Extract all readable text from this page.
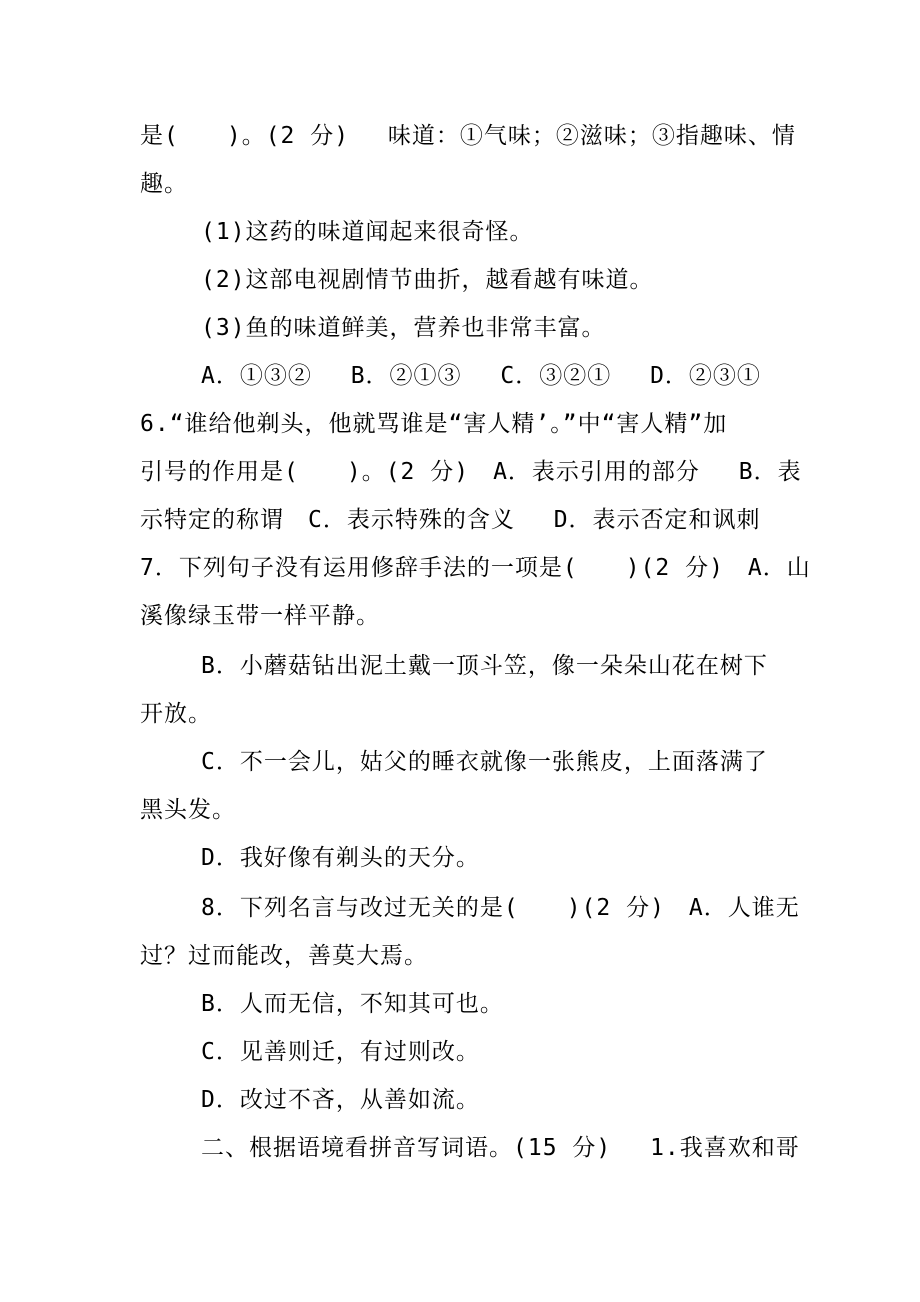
是(　　)。(2 分)　 味道：①气味；②滋味；③指趣味、情
趣。
(1)这药的味道闻起来很奇怪。
(2)这部电视剧情节曲折，越看越有味道。
(3)鱼的味道鲜美，营养也非常丰富。
A．①③②　 B．②①③　 C．③②①　 D．②③①
6.“谁给他剃头，他就骂谁是“害人精’。”中“害人精”加
引号的作用是(　　)。(2 分)　A．表示引用的部分　 B．表
示特定的称谓　C．表示特殊的含义　 D．表示否定和讽刺
7．下列句子没有运用修辞手法的一项是(　　)(2 分)　A．山
溪像绿玉带一样平静。
B．小蘑菇钻出泥土戴一顶斗笠，像一朵朵山花在树下
开放。
C．不一会儿，姑父的睡衣就像一张熊皮，上面落满了
黑头发。
D．我好像有剃头的天分。
8．下列名言与改过无关的是(　　)(2 分)　A．人谁无
过？过而能改，善莫大焉。
B．人而无信，不知其可也。
C．见善则迁，有过则改。
D．改过不吝，从善如流。
二、根据语境看拼音写词语。(15 分)　 1.我喜欢和哥
